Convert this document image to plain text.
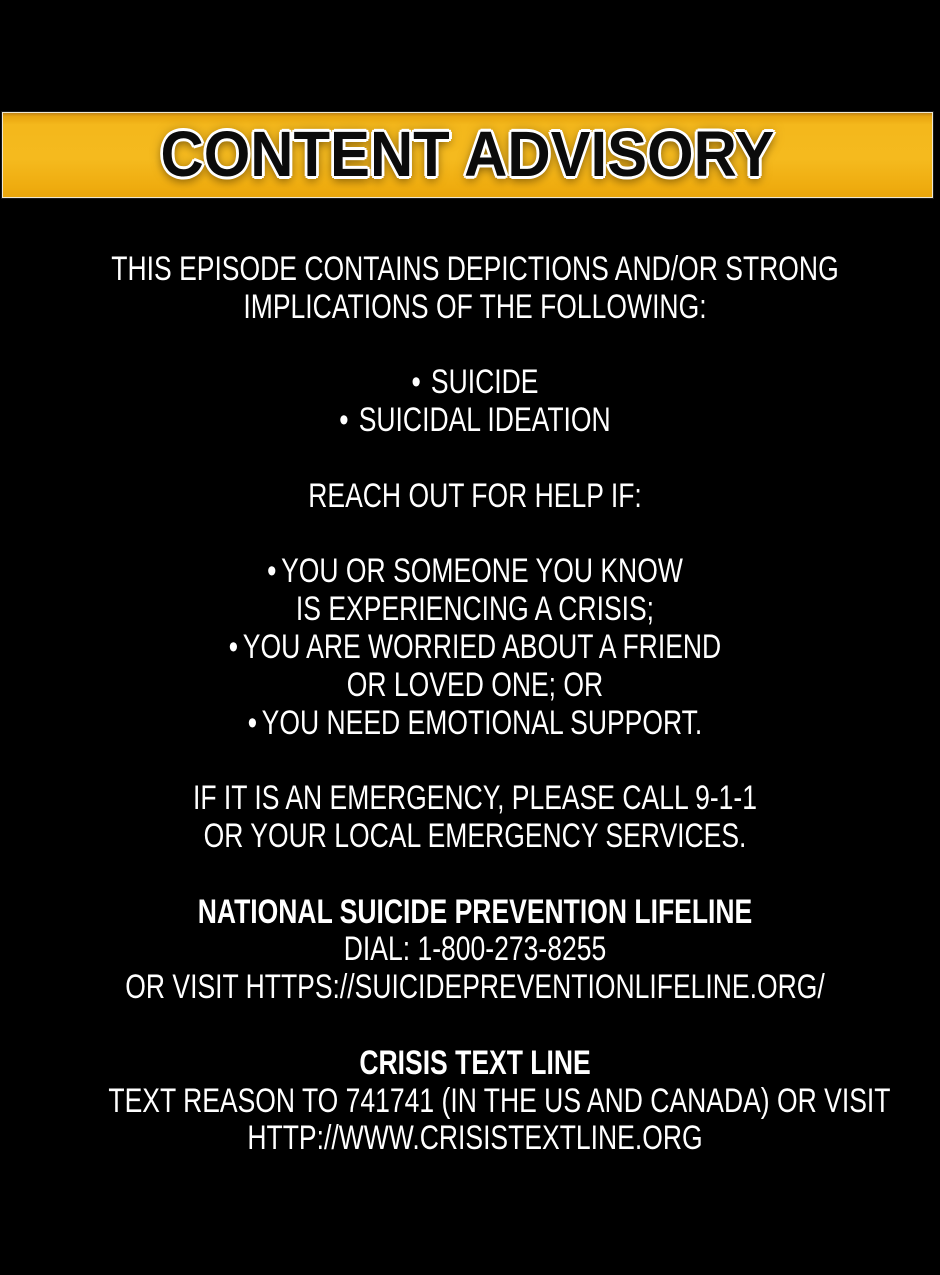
CONTENT ADVISORY
THIS EPISODE CONTAINS DEPICTIONS AND/OR STRONG
IMPLICATIONS OF THE FOLLOWING:
• SUICIDE
• SUICIDAL IDEATION
REACH OUT FOR HELP IF:
• YOU OR SOMEONE YOU KNOW
IS EXPERIENCING A CRISIS;
• YOU ARE WORRIED ABOUT A FRIEND
OR LOVED ONE; OR
• YOU NEED EMOTIONAL SUPPORT.
IF IT IS AN EMERGENCY, PLEASE CALL 9-1-1
OR YOUR LOCAL EMERGENCY SERVICES.
NATIONAL SUICIDE PREVENTION LIFELINE
DIAL: 1-800-273-8255
OR VISIT HTTPS://SUICIDEPREVENTIONLIFELINE.ORG/
CRISIS TEXT LINE
TEXT REASON TO 741741 (IN THE US AND CANADA) OR VISIT
HTTP://WWW.CRISISTEXTLINE.ORG
